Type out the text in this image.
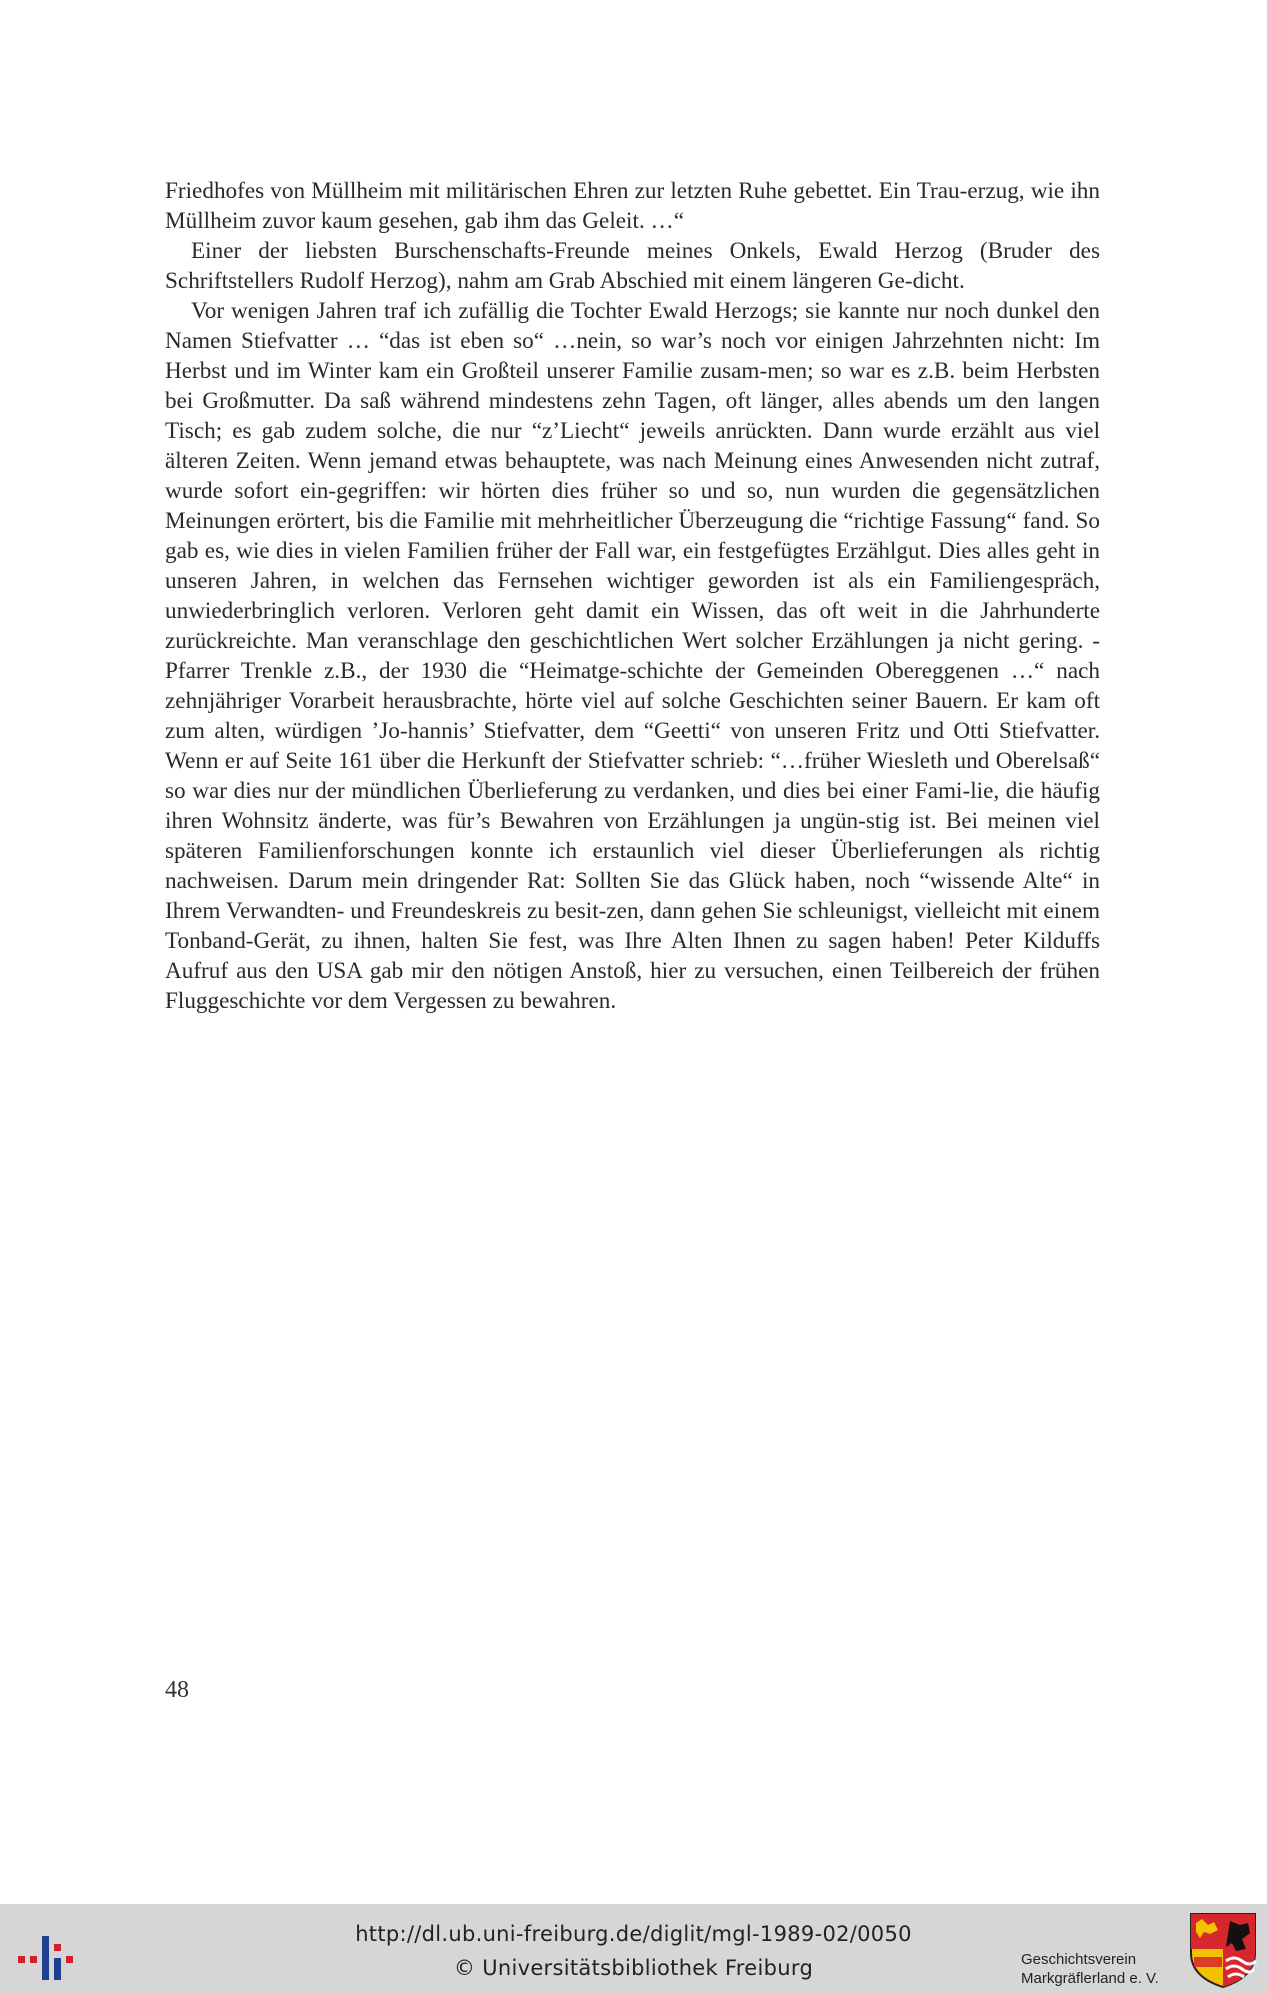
Friedhofes von Müllheim mit militärischen Ehren zur letzten Ruhe gebettet. Ein Trau-erzug, wie ihn Müllheim zuvor kaum gesehen, gab ihm das Geleit. …“

Einer der liebsten Burschenschafts-Freunde meines Onkels, Ewald Herzog (Bruder des Schriftstellers Rudolf Herzog), nahm am Grab Abschied mit einem längeren Ge-dicht.

Vor wenigen Jahren traf ich zufällig die Tochter Ewald Herzogs; sie kannte nur noch dunkel den Namen Stiefvatter … “das ist eben so“ …nein, so war’s noch vor einigen Jahrzehnten nicht: Im Herbst und im Winter kam ein Großteil unserer Familie zusam-men; so war es z.B. beim Herbsten bei Großmutter. Da saß während mindestens zehn Tagen, oft länger, alles abends um den langen Tisch; es gab zudem solche, die nur “z’Liecht“ jeweils anrückten. Dann wurde erzählt aus viel älteren Zeiten. Wenn jemand etwas behauptete, was nach Meinung eines Anwesenden nicht zutraf, wurde sofort ein-gegriffen: wir hörten dies früher so und so, nun wurden die gegensätzlichen Meinungen erörtert, bis die Familie mit mehrheitlicher Überzeugung die “richtige Fassung“ fand. So gab es, wie dies in vielen Familien früher der Fall war, ein festgefügtes Erzählgut. Dies alles geht in unseren Jahren, in welchen das Fernsehen wichtiger geworden ist als ein Familiengespräch, unwiederbringlich verloren. Verloren geht damit ein Wissen, das oft weit in die Jahrhunderte zurückreichte. Man veranschlage den geschichtlichen Wert solcher Erzählungen ja nicht gering. - Pfarrer Trenkle z.B., der 1930 die “Heimatge-schichte der Gemeinden Obereggenen …“ nach zehnjähriger Vorarbeit herausbrachte, hörte viel auf solche Geschichten seiner Bauern. Er kam oft zum alten, würdigen ’Jo-hannis’ Stiefvatter, dem “Geetti“ von unseren Fritz und Otti Stiefvatter. Wenn er auf Seite 161 über die Herkunft der Stiefvatter schrieb: “…früher Wiesleth und Oberelsaß“ so war dies nur der mündlichen Überlieferung zu verdanken, und dies bei einer Fami-lie, die häufig ihren Wohnsitz änderte, was für’s Bewahren von Erzählungen ja ungün-stig ist. Bei meinen viel späteren Familienforschungen konnte ich erstaunlich viel dieser Überlieferungen als richtig nachweisen. Darum mein dringender Rat: Sollten Sie das Glück haben, noch “wissende Alte“ in Ihrem Verwandten- und Freundeskreis zu besit-zen, dann gehen Sie schleunigst, vielleicht mit einem Tonband-Gerät, zu ihnen, halten Sie fest, was Ihre Alten Ihnen zu sagen haben! Peter Kilduffs Aufruf aus den USA gab mir den nötigen Anstoß, hier zu versuchen, einen Teilbereich der frühen Fluggeschichte vor dem Vergessen zu bewahren.

48
http://dl.ub.uni-freiburg.de/diglit/mgl-1989-02/0050
© Universitätsbibliothek Freiburg	Geschichtsverein
Markgräflerland e. V.
